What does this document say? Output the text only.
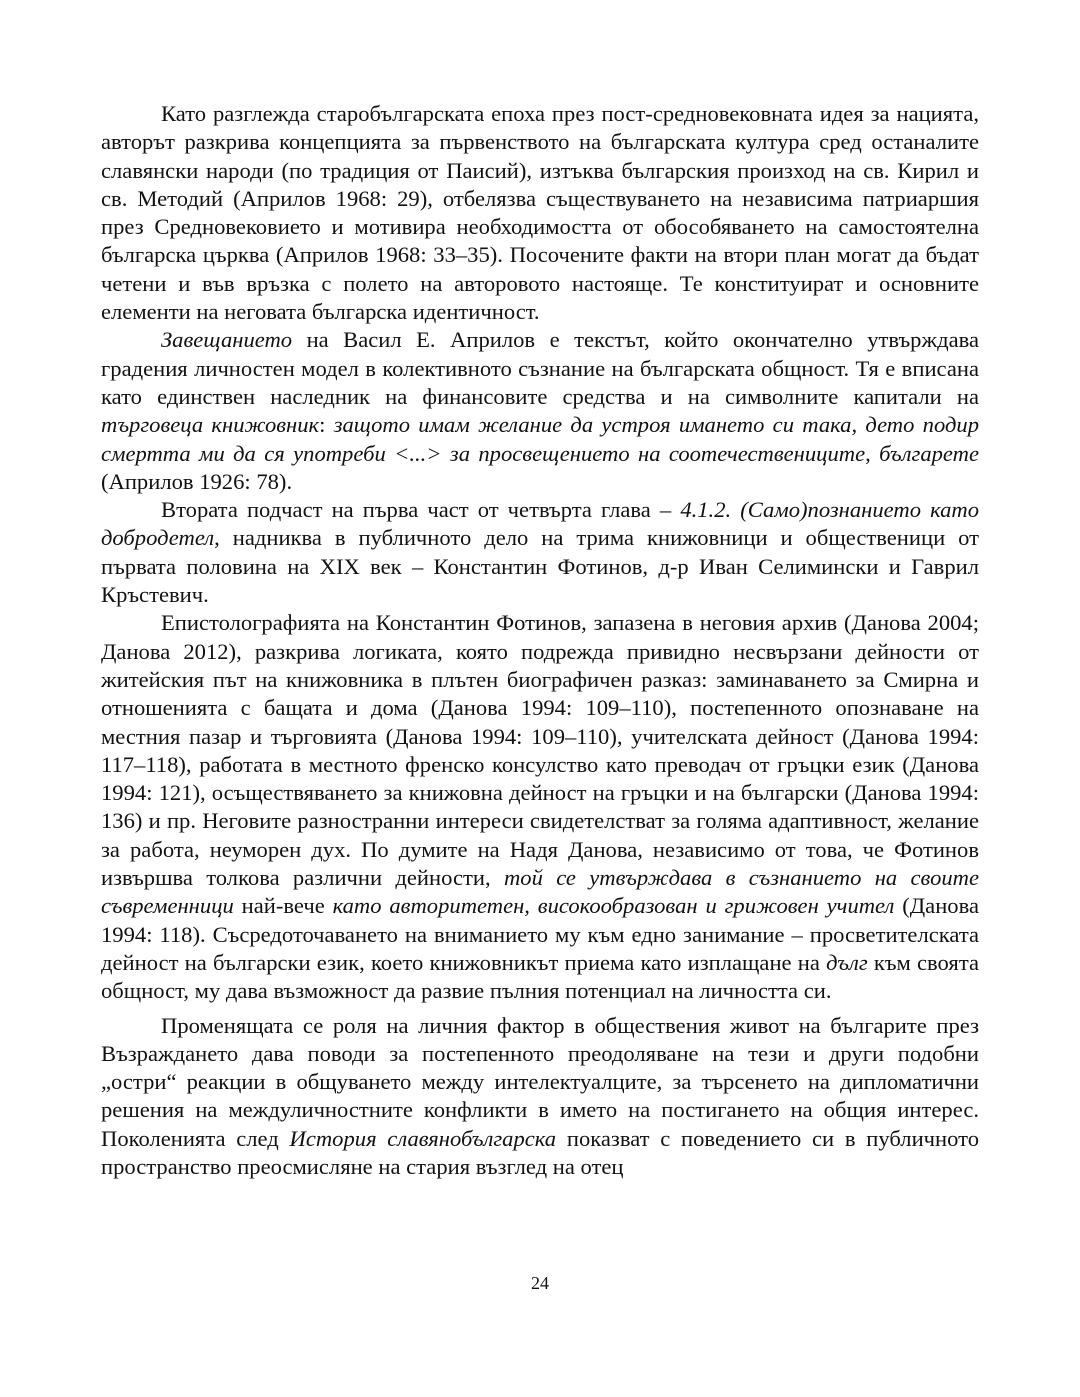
Като разглежда старобългарската епоха през пост-средновековната идея за нацията, авторът разкрива концепцията за първенството на българската култура сред останалите славянски народи (по традиция от Паисий), изтъква българския произход на св. Кирил и св. Методий (Априлов 1968: 29), отбелязва съществуването на независима патриаршия през Средновековието и мотивира необходимостта от обособяването на самостоятелна българска църква (Априлов 1968: 33–35). Посочените факти на втори план могат да бъдат четени и във връзка с полето на авторовото настояще. Те конституират и основните елементи на неговата българска идентичност.

Завещанието на Васил Е. Априлов е текстът, който окончателно утвърждава градения личностен модел в колективното съзнание на българската общност. Тя е вписана като единствен наследник на финансовите средства и на символните капитали на търговеца книжовник: защото имам желание да устроя имането си така, дето подир смертта ми да ся употреби <...> за просвещението на соотечествениците, българете (Априлов 1926: 78).

Втората подчаст на първа част от четвърта глава – 4.1.2. (Само)познанието като добродетел, надниква в публичното дело на трима книжовници и общественици от първата половина на XIX век – Константин Фотинов, д-р Иван Селимински и Гаврил Кръстевич.

Епистолографията на Константин Фотинов, запазена в неговия архив (Данова 2004; Данова 2012), разкрива логиката, която подрежда привидно несвързани дейности от житейския път на книжовника в плътен биографичен разказ: заминаването за Смирна и отношенията с бащата и дома (Данова 1994: 109–110), постепенното опознаване на местния пазар и търговията (Данова 1994: 109–110), учителската дейност (Данова 1994: 117–118), работата в местното френско консулство като преводач от гръцки език (Данова 1994: 121), осъществяването за книжовна дейност на гръцки и на български (Данова 1994: 136) и пр. Неговите разностранни интереси свидетелстват за голяма адаптивност, желание за работа, неуморен дух. По думите на Надя Данова, независимо от това, че Фотинов извършва толкова различни дейности, той се утвърждава в съзнанието на своите съвременници най-вече като авторитетен, високообразован и грижовен учител (Данова 1994: 118). Съсредоточаването на вниманието му към едно занимание – просветителската дейност на български език, което книжовникът приема като изплащане на дълг към своята общност, му дава възможност да развие пълния потенциал на личността си.

Променящата се роля на личния фактор в обществения живот на българите през Възраждането дава поводи за постепенното преодоляване на тези и други подобни „остри“ реакции в общуването между интелектуалците, за търсенето на дипломатични решения на междуличностните конфликти в името на постигането на общия интерес. Поколенията след История славянобългарска показват с поведението си в публичното пространство преосмисляне на стария възглед на отец

24
